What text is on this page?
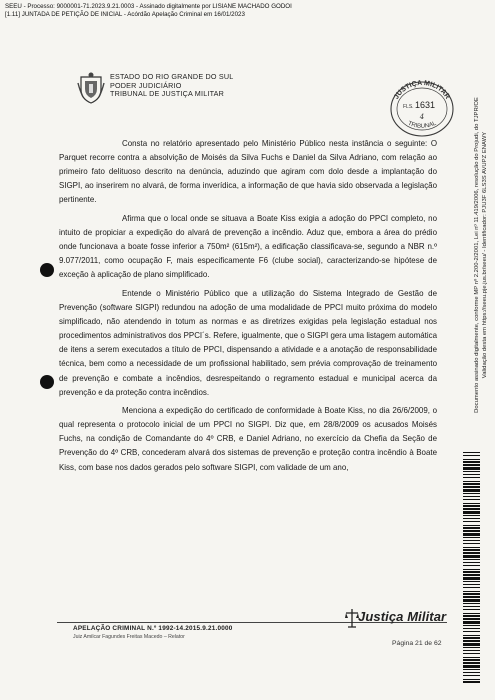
SEEU - Processo: 9000001-71.2023.9.21.0003 - Assinado digitalmente por LISIANE MACHADO GODOI
[1.11] JUNTADA DE PETIÇÃO DE INICIAL - Acórdão Apelação Criminal em 16/01/2023
ESTADO DO RIO GRANDE DO SUL
PODER JUDICIÁRIO
TRIBUNAL DE JUSTIÇA MILITAR	JUSTIÇA MILITAR
TRIBUNAL
FLS. 1631
4	Documento assinado digitalmente, conforme MP nº 2.200-2/2001, Lei nº 11.419/2006, resolução do Projudi, do TJPR/OE Validação desta em https://seeu.pje.jus.br/seeu/ - Identificador: PJU3F 6LS3S AVUPZ ENAWY

Consta no relatório apresentado pelo Ministério Público nesta instância o seguinte: O Parquet recorre contra a absolvição de Moisés da Silva Fuchs e Daniel da Silva Adriano, com relação ao primeiro fato delituoso descrito na denúncia, aduzindo que agiram com dolo desde a implantação do SIGPI, ao inserirem no alvará, de forma inverídica, a informação de que havia sido observada a legislação pertinente.

Afirma que o local onde se situava a Boate Kiss exigia a adoção do PPCI completo, no intuito de propiciar a expedição do alvará de prevenção a incêndio. Aduz que, embora a área do prédio onde funcionava a boate fosse inferior a 750m² (615m²), a edificação classificava-se, segundo a NBR n.º 9.077/2011, como ocupação F, mais especificamente F6 (clube social), caracterizando-se hipótese de exceção à aplicação de plano simplificado.

Entende o Ministério Público que a utilização do Sistema Integrado de Gestão de Prevenção (software SIGPI) redundou na adoção de uma modalidade de PPCI muito próxima do modelo simplificado, não atendendo in totum as normas e as diretrizes exigidas pela legislação estadual nos procedimentos administrativos dos PPCI´s. Refere, igualmente, que o SIGPI gera uma listagem automática de itens a serem executados a título de PPCI, dispensando a atividade e a anotação de responsabilidade técnica, bem como a necessidade de um profissional habilitado, sem prévia comprovação de treinamento de prevenção e combate a incêndios, desrespeitando o regramento estadual e municipal acerca da prevenção e da proteção contra incêndios.

Menciona a expedição do certificado de conformidade à Boate Kiss, no dia 26/6/2009, o qual representa o protocolo inicial de um PPCI no SIGPI. Diz que, em 28/8/2009 os acusados Moisés Fuchs, na condição de Comandante do 4º CRB, e Daniel Adriano, no exercício da Chefia da Seção de Prevenção do 4º CRB, concederam alvará dos sistemas de prevenção e proteção contra incêndio à Boate Kiss, com base nos dados gerados pelo software SIGPI, com validade de um ano,

APELAÇÃO CRIMINAL N.º 1992-14.2015.9.21.0000
Juiz Amilcar Fagundes Freitas Macedo – Relator
Justiça Militar
Página 21 de 62
